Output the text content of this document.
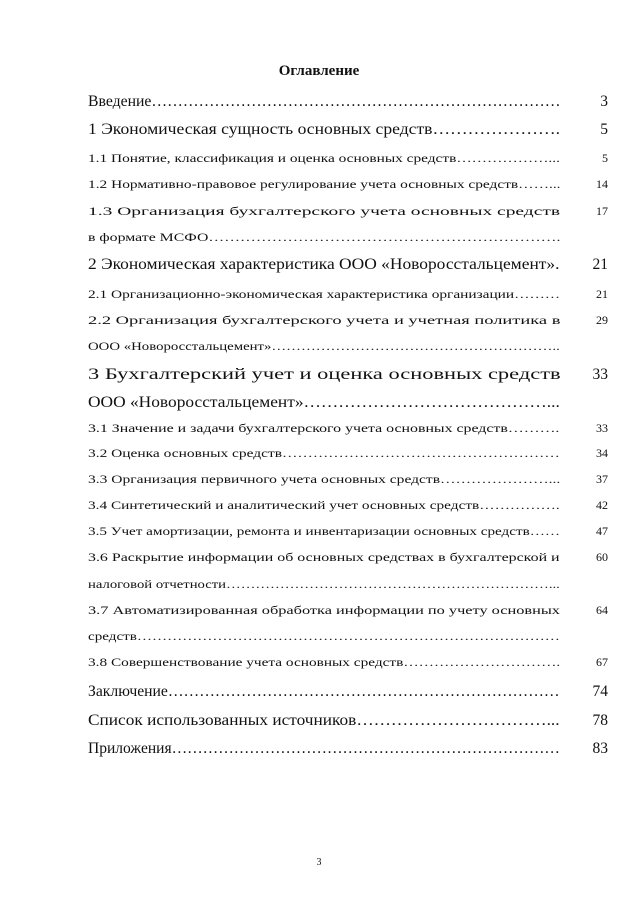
Оглавление
Введение……………………………………………………………………	3
1 Экономическая сущность основных средств………………….	5
1.1 Понятие, классификация и оценка основных средств………………...	5
1.2 Нормативно-правовое регулирование учета основных средств……...	14
1.3 Организация бухгалтерского учета основных средств	17
в формате МСФО………………………………………………………….
2 Экономическая характеристика ООО «Новоросстальцемент». 21
2.1 Организационно-экономическая характеристика организации………	21
2.2 Организация бухгалтерского учета и учетная политика в	29
ООО «Новоросстальцемент»…………………………………………………..
3 Бухгалтерский учет и оценка основных средств 33
ООО «Новоросстальцемент»……………………………………...
3.1 Значение и задачи бухгалтерского учета основных средств……….	33
3.2 Оценка основных средств………………………………………………	34
3.3 Организация первичного учета основных средств…………………...	37
3.4 Синтетический и аналитический учет основных средств…………….	42
3.5 Учет амортизации, ремонта и инвентаризации основных средств……	47
3.6 Раскрытие информации об основных средствах в бухгалтерской и	60
налоговой отчетности…………………………………………………………...
3.7 Автоматизированная обработка информации по учету основных	64
средств…………………………………………………………………………
3.8 Совершенствование учета основных средств………………………….	67
Заключение………………………………………………………………… 74
Список использованных источников……………………………... 78
Приложения………………………………………………………………… 83
3
